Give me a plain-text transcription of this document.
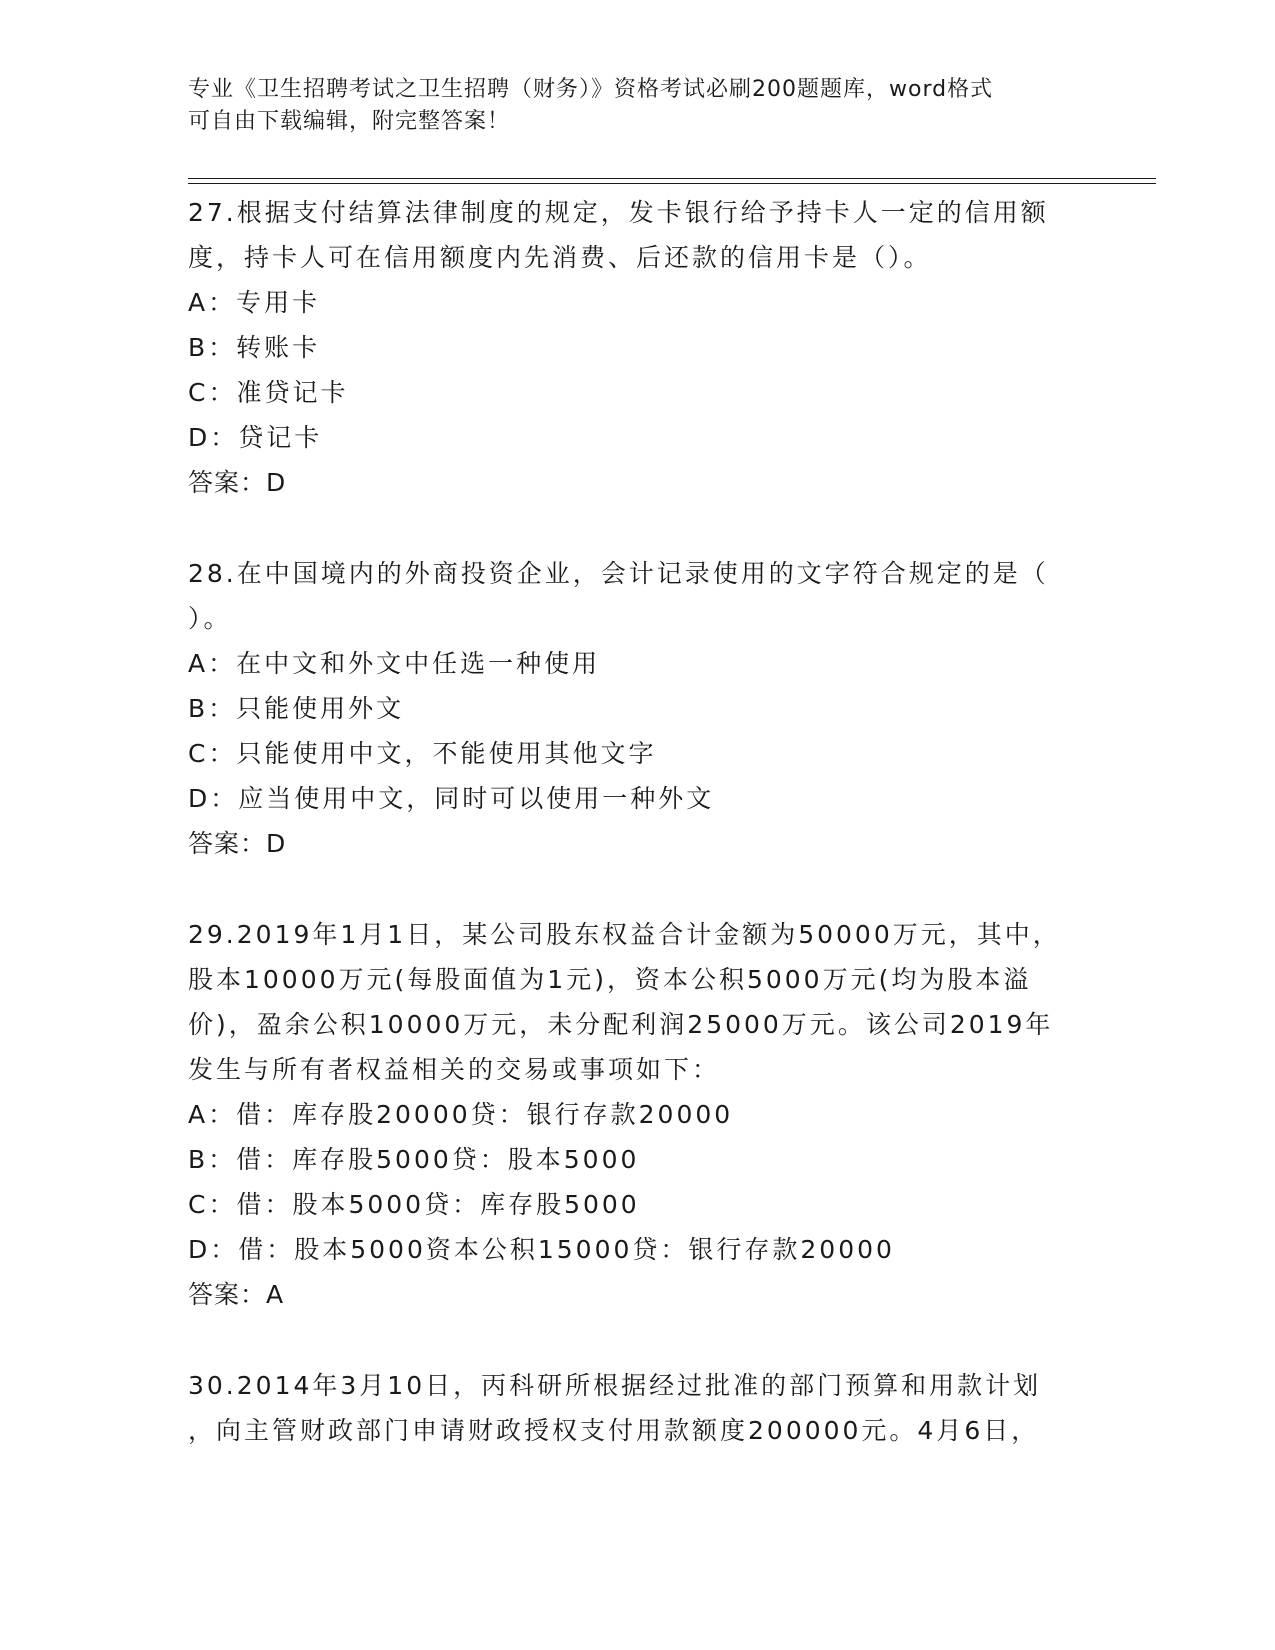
专业《卫生招聘考试之卫生招聘（财务）》资格考试必刷200题题库，word格式
可自由下载编辑，附完整答案！
27.根据支付结算法律制度的规定，发卡银行给予持卡人一定的信用额
度，持卡人可在信用额度内先消费、后还款的信用卡是（）。
A：专用卡
B：转账卡
C：准贷记卡
D：贷记卡
答案：D
28.在中国境内的外商投资企业，会计记录使用的文字符合规定的是（
）。
A：在中文和外文中任选一种使用
B：只能使用外文
C：只能使用中文，不能使用其他文字
D：应当使用中文，同时可以使用一种外文
答案：D
29.2019年1月1日，某公司股东权益合计金额为50000万元，其中，
股本10000万元(每股面值为1元)，资本公积5000万元(均为股本溢
价)，盈余公积10000万元，未分配利润25000万元。该公司2019年
发生与所有者权益相关的交易或事项如下：
A：借：库存股20000贷：银行存款20000
B：借：库存股5000贷：股本5000
C：借：股本5000贷：库存股5000
D：借：股本5000资本公积15000贷：银行存款20000
答案：A
30.2014年3月10日，丙科研所根据经过批准的部门预算和用款计划
，向主管财政部门申请财政授权支付用款额度200000元。4月6日，
